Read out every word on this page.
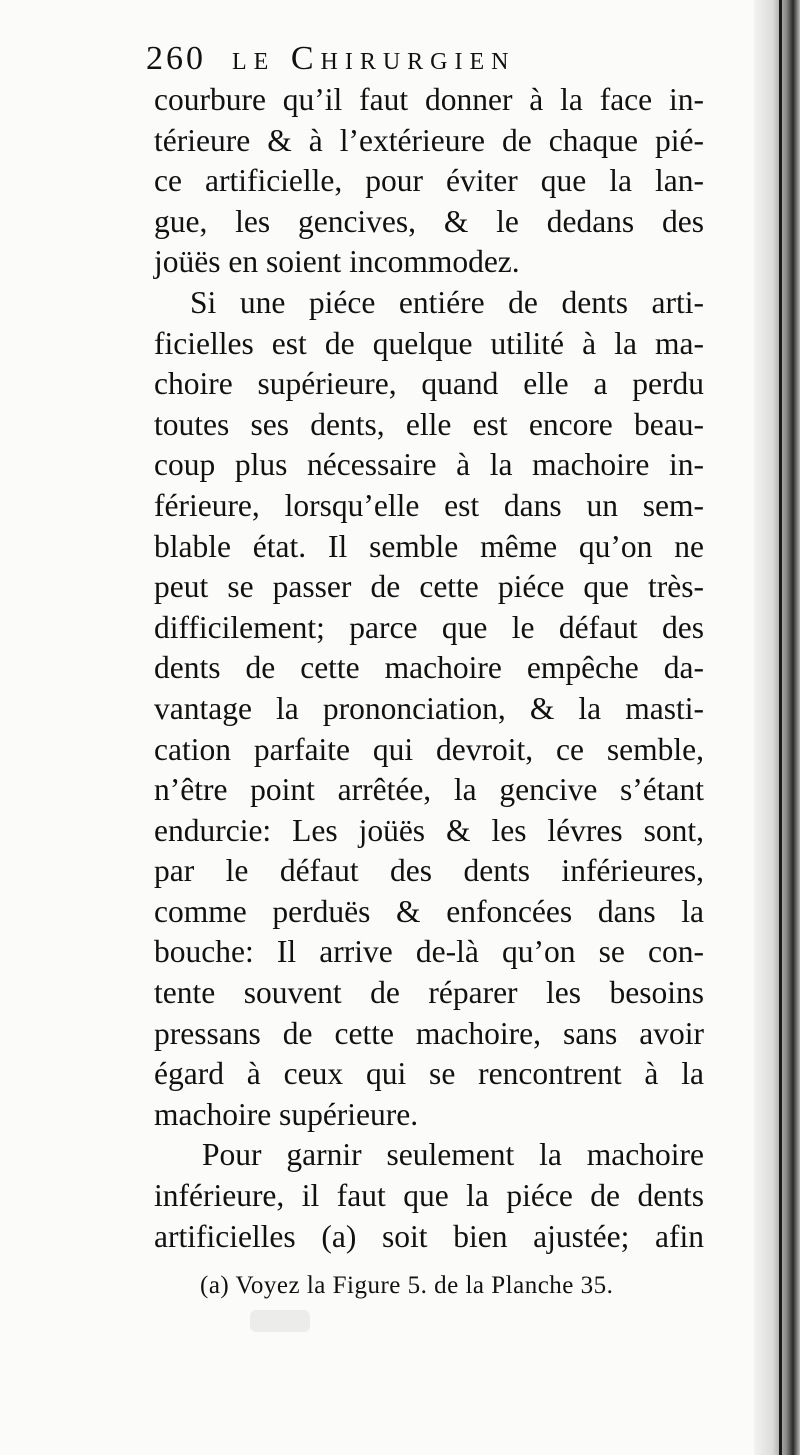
260 le Chirurgien
courbure qu’il faut donner à la face in-
térieure & à l’extérieure de chaque pié-
ce artificielle, pour éviter que la lan-
gue, les gencives, & le dedans des
joüës en soient incommodez.
Si une piéce entiére de dents arti-
ficielles est de quelque utilité à la ma-
choire supérieure, quand elle a perdu
toutes ses dents, elle est encore beau-
coup plus nécessaire à la machoire in-
férieure, lorsqu’elle est dans un sem-
blable état. Il semble même qu’on ne
peut se passer de cette piéce que très-
difficilement; parce que le défaut des
dents de cette machoire empêche da-
vantage la prononciation, & la masti-
cation parfaite qui devroit, ce semble,
n’être point arrêtée, la gencive s’étant
endurcie: Les joüës & les lévres sont,
par le défaut des dents inférieures,
comme perduës & enfoncées dans la
bouche: Il arrive de-là qu’on se con-
tente souvent de réparer les besoins
pressans de cette machoire, sans avoir
égard à ceux qui se rencontrent à la
machoire supérieure.
Pour garnir seulement la machoire
inférieure, il faut que la piéce de dents
artificielles (a) soit bien ajustée; afin
(a) Voyez la Figure 5. de la Planche 35.
